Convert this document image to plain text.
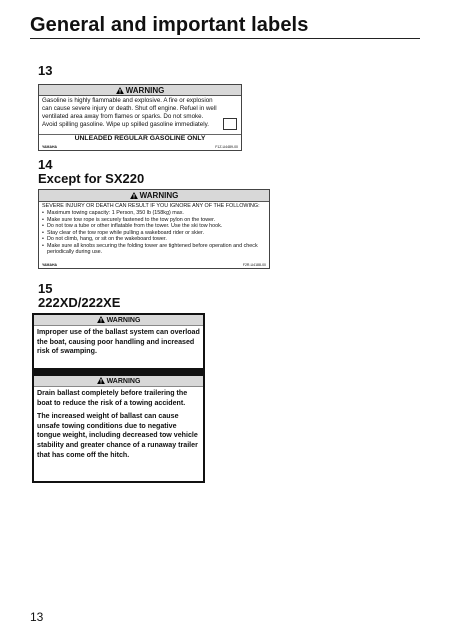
General and important labels
13
WARNING
Gasoline is highly flammable and explosive. A fire or explosion
can cause severe injury or death. Shut off engine. Refuel in well
ventilated area away from flames or sparks. Do not smoke.
Avoid spilling gasoline. Wipe up spilled gasoline immediately.
UNLEADED REGULAR GASOLINE ONLY
YAMAHA	F1Z-U4489-00
14
Except for SX220
WARNING
SEVERE INJURY OR DEATH CAN RESULT IF YOU IGNORE ANY OF THE FOLLOWING:
• Maximum towing capacity: 1 Person, 350 lb (158kg) max.
• Make sure tow rope is securely fastened to the tow pylon on the tower.
• Do not tow a tube or other inflatable from the tower. Use the ski tow hook.
• Stay clear of the tow rope while pulling a wakeboard rider or skier.
• Do not climb, hang, or sit on the wakeboard tower.
• Make sure all knobs securing the folding tower are tightened before operation and check periodically during use.
YAMAHA	F2R-U4188-00
15
222XD/222XE
WARNING
Improper use of the ballast system can overload the boat, causing poor handling and increased risk of swamping.
WARNING
Drain ballast completely before trailering the boat to reduce the risk of a towing accident.
The increased weight of ballast can cause unsafe towing conditions due to negative tongue weight, including decreased tow vehicle stability and greater chance of a runaway trailer that has come off the hitch.
13
